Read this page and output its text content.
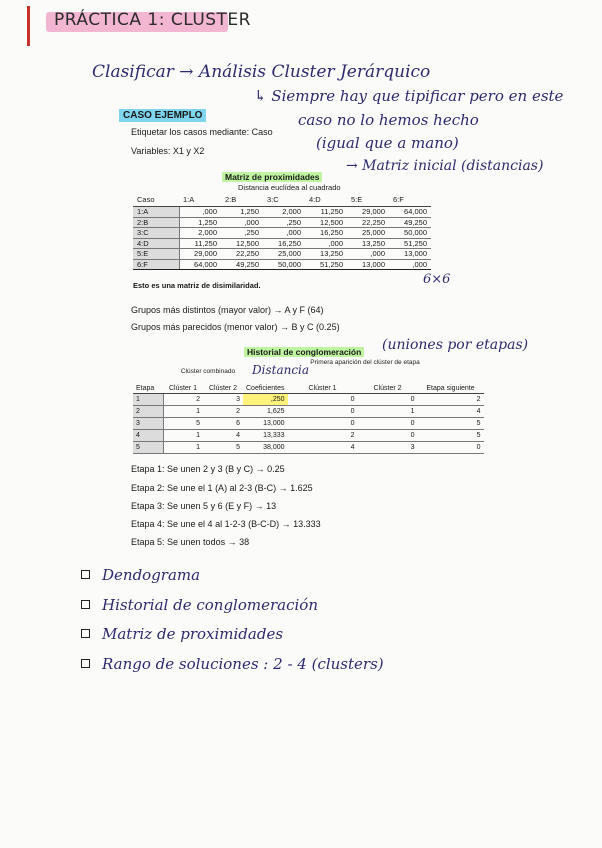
PRÁCTICA 1: CLUSTER
Clasificar → Análisis Cluster Jerárquico
↳ Siempre hay que tipificar pero en este
caso no lo hemos hecho
(igual que a mano)
CASO EJEMPLO
Etiquetar los casos mediante: Caso
Variables: X1 y X2
Matriz de proximidades
→ Matriz inicial (distancias)
Distancia euclídea al cuadrado
Caso	1:A	2:B	3:C	4:D	5:E	6:F
1:A	,000	1,250	2,000	11,250	29,000	64,000
2:B	1,250	,000	,250	12,500	22,250	49,250
3:C	2,000	,250	,000	16,250	25,000	50,000
4:D	11,250	12,500	16,250	,000	13,250	51,250
5:E	29,000	22,250	25,000	13,250	,000	13,000
6:F	64,000	49,250	50,000	51,250	13,000	,000
Esto es una matriz de disimilaridad.	6×6
Grupos más distintos (mayor valor) → A y F (64)
Grupos más parecidos (menor valor) → B y C (0.25)
Historial de conglomeración (uniones por etapas)
Clúster combinado	Distancia
Primera aparición del clúster de etapa
Etapa	Clúster 1	Clúster 2	Coeficientes	Clúster 1	Clúster 2	Etapa siguiente
1	2	3	,250	0	0	2
2	1	2	1,625	0	1	4
3	5	6	13,000	0	0	5
4	1	4	13,333	2	0	5
5	1	5	38,000	4	3	0
Etapa 1: Se unen 2 y 3 (B y C) → 0.25
Etapa 2: Se une el 1 (A) al 2-3 (B-C) → 1.625
Etapa 3: Se unen 5 y 6 (E y F) → 13
Etapa 4: Se une el 4 al 1-2-3 (B-C-D) → 13.333
Etapa 5: Se unen todos → 38
Dendograma
Historial de conglomeración
Matriz de proximidades
Rango de soluciones : 2 - 4 (clusters)
